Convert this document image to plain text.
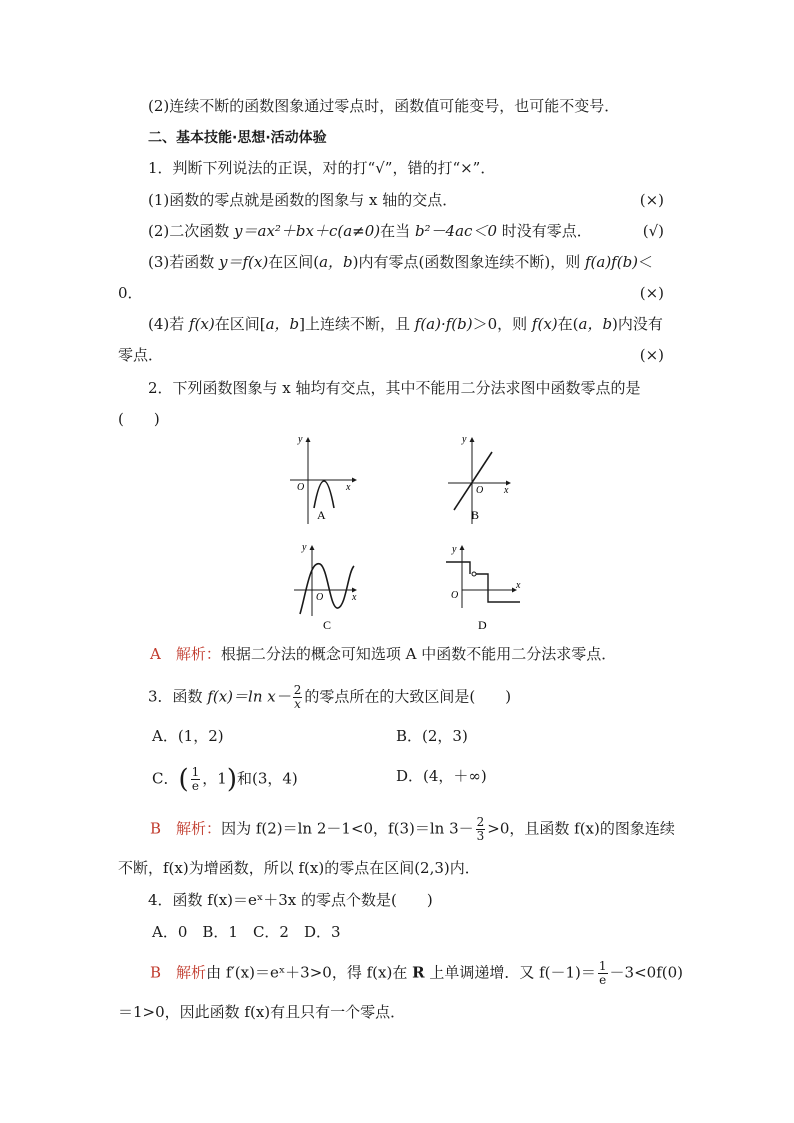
(2)连续不断的函数图象通过零点时，函数值可能变号，也可能不变号．
二、基本技能·思想·活动体验
1．判断下列说法的正误，对的打“√”，错的打“×”．
(1)函数的零点就是函数的图象与 x 轴的交点．	(×)
(2)二次函数 y＝ax²＋bx＋c(a≠0)在当 b²－4ac＜0 时没有零点．	(√)
(3)若函数 y＝f(x)在区间(a，b)内有零点(函数图象连续不断)，则 f(a)f(b)＜
0．	(×)
(4)若 f(x)在区间[a，b]上连续不断，且 f(a)·f(b)＞0，则 f(x)在(a，b)内没有
零点．	(×)
2．下列函数图象与 x 轴均有交点，其中不能用二分法求图中函数零点的是
(　　)
y
x
O
A
y
x
O
B
y
x
O
C
y
x
O
D
A　 解析：根据二分法的概念可知选项 A 中函数不能用二分法求零点．
3．函数 f(x)＝ln $x- \frac{2}{x}$ 的零点所在的大致区间是(　　)
A．(1，2)	B．(2，3)
C．( $\frac{1}{e}$ ，1)和(3，4)	D．(4，＋∞)
B　 解析：因为 f(2)＝ln 2－1<0，f(3)＝ln $3- \frac{2}{3} >0$，且函数 f(x)的图象连续
不断，f(x)为增函数，所以 f(x)的零点在区间(2,3)内．
4．函数 f(x)＝eˣ＋3x 的零点个数是(　　)
A．0　B．1　C．2　D．3
B　 解析由 f′(x)＝eˣ＋3>0，得 f(x)在 R 上单调递增．又 $f(-1)= \frac{1}{e} -3<0f(0)$
＝1>0，因此函数 f(x)有且只有一个零点．
